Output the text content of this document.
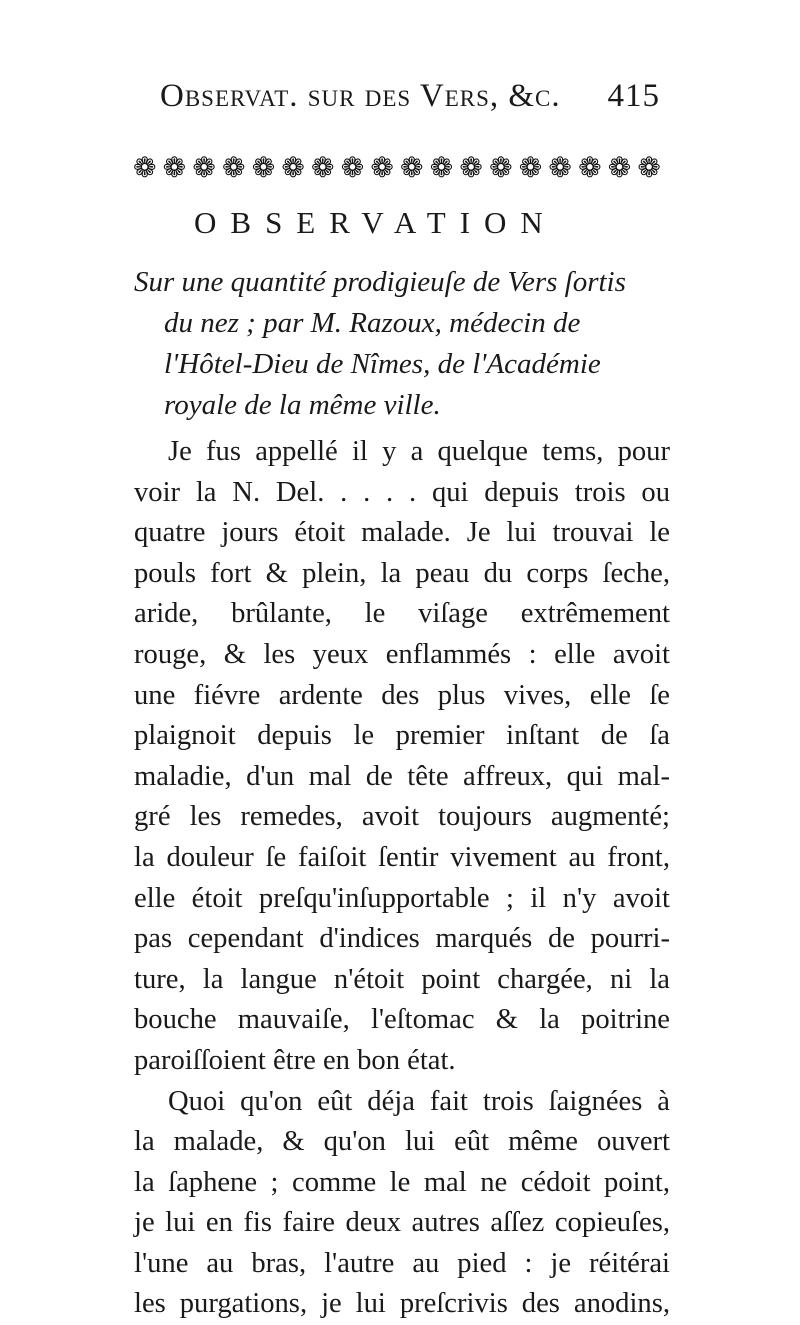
Observat. sur des Vers, &c. 415
❁ ❁ ❁ ❁ ❁ ❁ ❁ ❁ ❁ ❁ ❁ ❁ ❁ ❁ ❁ ❁ ❁ ❁
OBSERVATION
Sur une quantité prodigieuſe de Vers ſortis
du nez ; par M. Razoux, médecin de
l'Hôtel-Dieu de Nîmes, de l'Académie
royale de la même ville.
Je fus appellé il y a quelque tems, pour
voir la N. Del. . . . . qui depuis trois ou
quatre jours étoit malade. Je lui trouvai le
pouls fort & plein, la peau du corps ſeche,
aride, brûlante, le viſage extrêmement
rouge, & les yeux enflammés : elle avoit
une fiévre ardente des plus vives, elle ſe
plaignoit depuis le premier inſtant de ſa
maladie, d'un mal de tête affreux, qui mal-
gré les remedes, avoit toujours augmenté;
la douleur ſe faiſoit ſentir vivement au front,
elle étoit preſqu'inſupportable ; il n'y avoit
pas cependant d'indices marqués de pourri-
ture, la langue n'étoit point chargée, ni la
bouche mauvaiſe, l'eſtomac & la poitrine
paroiſſoient être en bon état.
Quoi qu'on eût déja fait trois ſaignées à
la malade, & qu'on lui eût même ouvert
la ſaphene ; comme le mal ne cédoit point,
je lui en fis faire deux autres aſſez copieuſes,
l'une au bras, l'autre au pied : je réitérai
les purgations, je lui preſcrivis des anodins,
